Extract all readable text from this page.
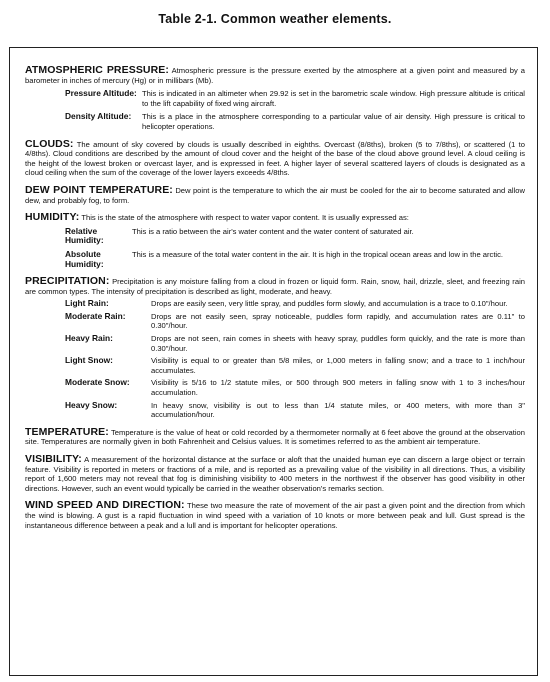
Table 2-1. Common weather elements.

ATMOSPHERIC PRESSURE: Atmospheric pressure is the pressure exerted by the atmosphere at a given point and measured by a barometer in inches of mercury (Hg) or in millibars (Mb).

Pressure Altitude: This is indicated in an altimeter when 29.92 is set in the barometric scale window. High pressure altitude is critical to the lift capability of fixed wing aircraft.
Density Altitude:	This is a place in the atmosphere corresponding to a particular value of air density. High pressure is critical to helicopter operations.

CLOUDS: The amount of sky covered by clouds is usually described in eighths. Overcast (8/8ths), broken (5 to 7/8ths), or scattered (1 to 4/8ths). Cloud conditions are described by the amount of cloud cover and the height of the base of the cloud above ground level. A cloud ceiling is the height of the lowest broken or overcast layer, and is expressed in feet. A higher layer of several scattered layers of clouds is designated as a cloud ceiling when the sum of the coverage of the lower layers exceeds 4/8ths.

DEW POINT TEMPERATURE: Dew point is the temperature to which the air must be cooled for the air to become saturated and allow dew, and probably fog, to form.

HUMIDITY: This is the state of the atmosphere with respect to water vapor content. It is usually expressed as:

Relative Humidity:
This is a ratio between the air's water content and the water content of saturated air.
Absolute Humidity:
This is a measure of the total water content in the air. It is high in the tropical ocean areas and low in the arctic.

PRECIPITATION: Precipitation is any moisture falling from a cloud in frozen or liquid form. Rain, snow, hail, drizzle, sleet, and freezing rain are common types. The intensity of precipitation is described as light, moderate, and heavy.

Light Rain:	Drops are easily seen, very little spray, and puddles form slowly, and accumulation is a trace to 0.10"/hour.
Moderate Rain:	Drops are not easily seen, spray noticeable, puddles form rapidly, and accumulation rates are 0.11" to 0.30"/hour.
Heavy Rain:	Drops are not seen, rain comes in sheets with heavy spray, puddles form quickly, and the rate is more than 0.30"/hour.
Light Snow:	Visibility is equal to or greater than 5/8 miles, or 1,000 meters in falling snow; and a trace to 1 inch/hour accumulates.
Moderate Snow:	Visibility is 5/16 to 1/2 statute miles, or 500 through 900 meters in falling snow with 1 to 3 inches/hour accumulation.
Heavy Snow:	In heavy snow, visibility is out to less than 1/4 statute miles, or 400 meters, with more than 3" accumulation/hour.

TEMPERATURE: Temperature is the value of heat or cold recorded by a thermometer normally at 6 feet above the ground at the observation site. Temperatures are normally given in both Fahrenheit and Celsius values. It is sometimes referred to as the ambient air temperature.

VISIBILITY: A measurement of the horizontal distance at the surface or aloft that the unaided human eye can discern a large object or terrain feature. Visibility is reported in meters or fractions of a mile, and is reported as a prevailing value of the visibility in all directions. Thus, a visibility report of 1,600 meters may not reveal that fog is diminishing visibility to 400 meters in the northwest if the observer has good visibility in other directions. However, such an event would typically be carried in the weather observation's remarks section.

WIND SPEED AND DIRECTION: These two measure the rate of movement of the air past a given point and the direction from which the wind is blowing. A gust is a rapid fluctuation in wind speed with a variation of 10 knots or more between peak and lull. Gust spread is the instantaneous difference between a peak and a lull and is important for helicopter operations.
